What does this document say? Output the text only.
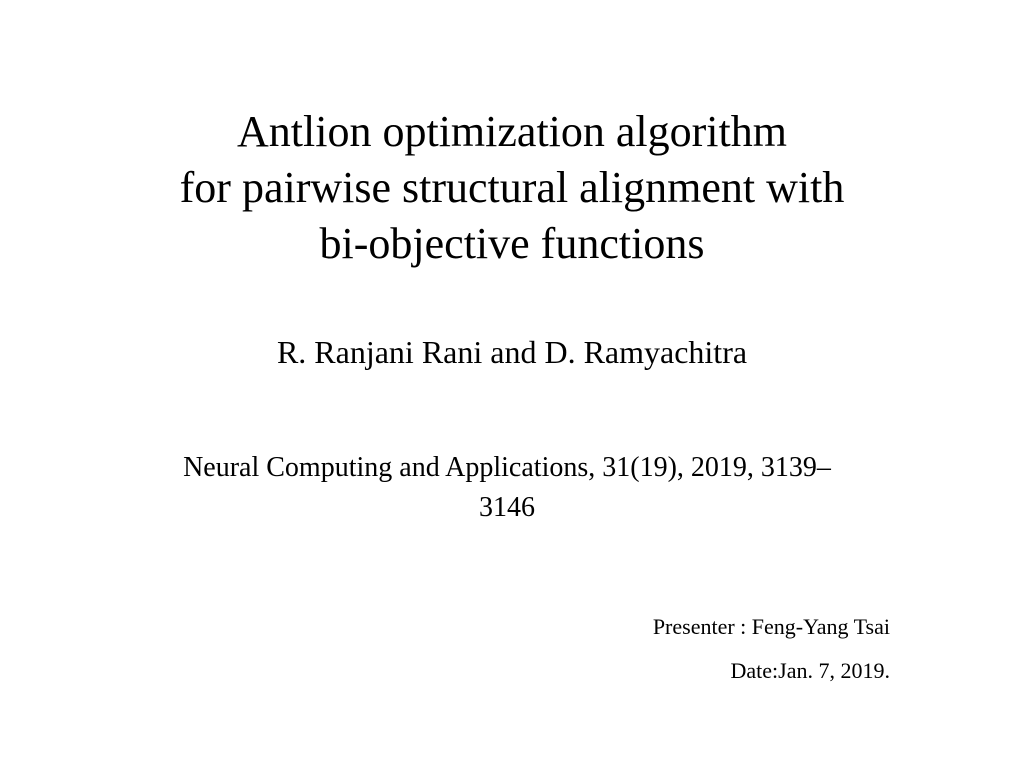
Antlion optimization algorithm
for pairwise structural alignment with
bi-objective functions
R. Ranjani Rani and D. Ramyachitra
Neural Computing and Applications, 31(19), 2019, 3139–
3146
Presenter : Feng-Yang Tsai
Date:Jan. 7, 2019.
